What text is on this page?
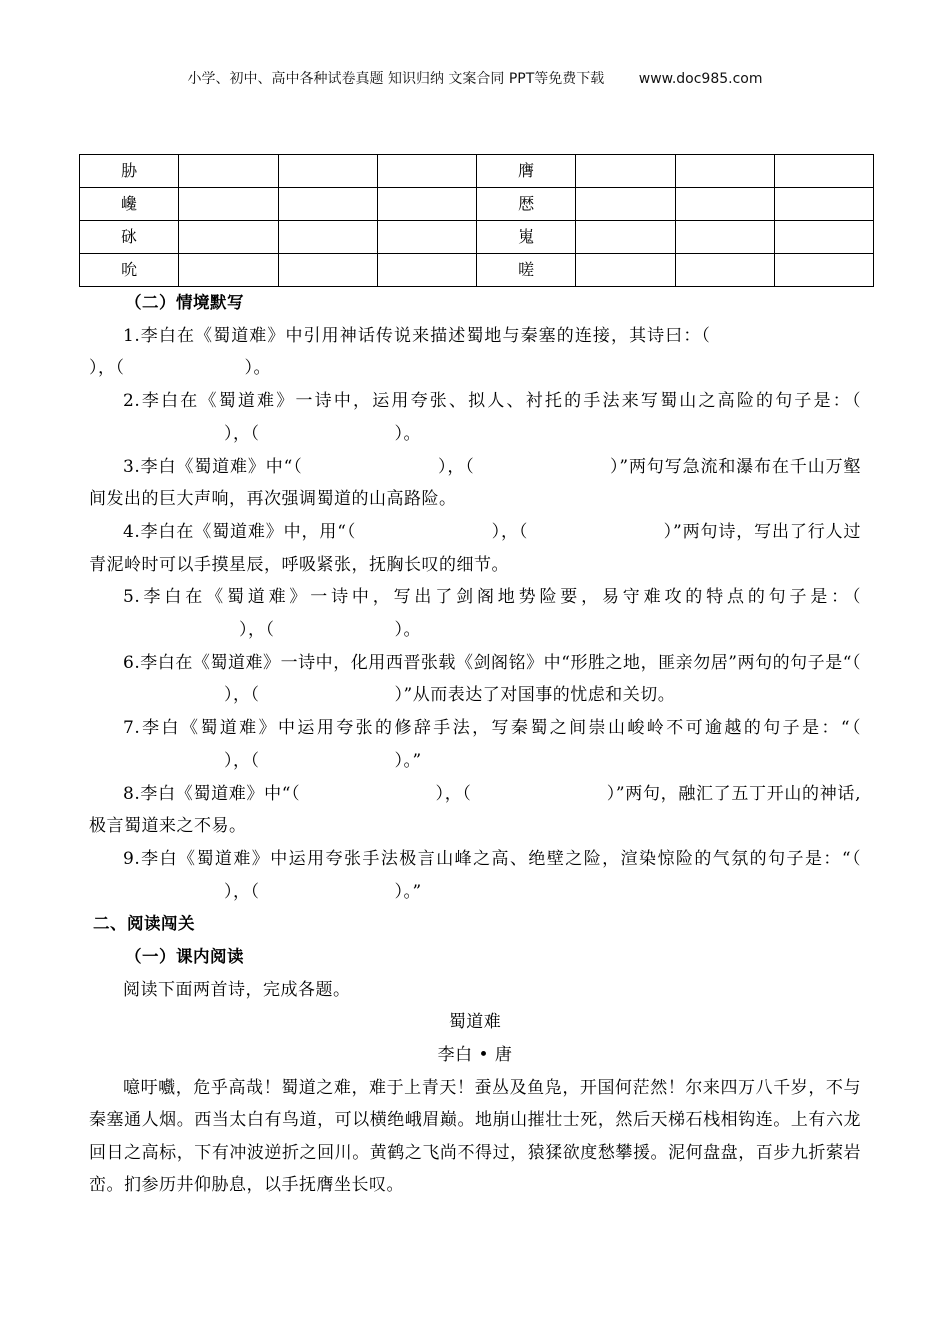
小学、初中、高中各种试卷真题 知识归纳 文案合同 PPT等免费下载 www.doc985.com
胁				膺			
巉				厯			
砯				嵬			
吮				嗟			

（二）情境默写

1.李白在《蜀道难》中引用神话传说来描述蜀地与秦塞的连接，其诗曰：（），（	）。

2.李白在《蜀道难》一诗中，运用夸张、拟人、衬托的手法来写蜀山之高险的句子是：（），（	）。

3.李白《蜀道难》中“（	），（	）”两句写急流和瀑布在千山万壑间发出的巨大声响，再次强调蜀道的山高路险。

4.李白在《蜀道难》中，用“（	），（	）”两句诗，写出了行人过青泥岭时可以手摸星辰，呼吸紧张，抚胸长叹的细节。

5.李白在《蜀道难》一诗中，写出了剑阁地势险要，易守难攻的特点的句子是：（），（	）。

6.李白在《蜀道难》一诗中，化用西晋张载《剑阁铭》中“形胜之地，匪亲勿居”两句的句子是“（），（	）”从而表达了对国事的忧虑和关切。

7.李白《蜀道难》中运用夸张的修辞手法，写秦蜀之间崇山峻岭不可逾越的句子是：“（），（	）。”

8.李白《蜀道难》中“（	），（	）”两句，融汇了五丁开山的神话,极言蜀道来之不易。

9.李白《蜀道难》中运用夸张手法极言山峰之高、绝壁之险，渲染惊险的气氛的句子是：“（），（	）。”

二、阅读闯关

（一）课内阅读

阅读下面两首诗，完成各题。

蜀道难

李白 • 唐

噫吁嚱，危乎高哉！蜀道之难，难于上青天！蚕丛及鱼凫，开国何茫然！尔来四万八千岁，不与秦塞通人烟。西当太白有鸟道，可以横绝峨眉巅。地崩山摧壮士死，然后天梯石栈相钩连。上有六龙回日之高标，下有冲波逆折之回川。黄鹤之飞尚不得过，猿猱欲度愁攀援。泥何盘盘，百步九折萦岩峦。扪参历井仰胁息，以手抚膺坐长叹。
